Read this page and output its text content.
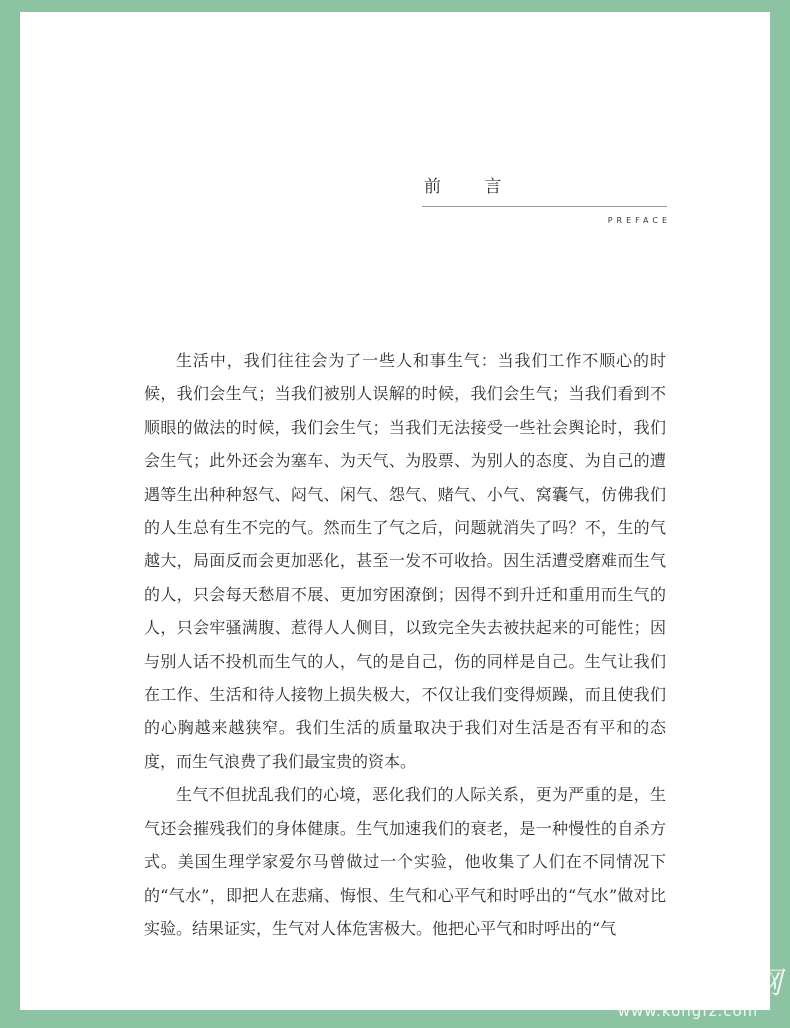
前 言
PREFACE

生活中，我们往往会为了一些人和事生气：当我们工作不顺心的时候，我们会生气；当我们被别人误解的时候，我们会生气；当我们看到不顺眼的做法的时候，我们会生气；当我们无法接受一些社会舆论时，我们会生气；此外还会为塞车、为天气、为股票、为别人的态度、为自己的遭遇等生出种种怒气、闷气、闲气、怨气、赌气、小气、窝囊气，仿佛我们的人生总有生不完的气。然而生了气之后，问题就消失了吗？不，生的气越大，局面反而会更加恶化，甚至一发不可收拾。因生活遭受磨难而生气的人，只会每天愁眉不展、更加穷困潦倒；因得不到升迁和重用而生气的人，只会牢骚满腹、惹得人人侧目，以致完全失去被扶起来的可能性；因与别人话不投机而生气的人，气的是自己，伤的同样是自己。生气让我们在工作、生活和待人接物上损失极大，不仅让我们变得烦躁，而且使我们的心胸越来越狭窄。我们生活的质量取决于我们对生活是否有平和的态度，而生气浪费了我们最宝贵的资本。

生气不但扰乱我们的心境，恶化我们的人际关系，更为严重的是，生气还会摧残我们的身体健康。生气加速我们的衰老，是一种慢性的自杀方式。美国生理学家爱尔马曾做过一个实验，他收集了人们在不同情况下的“气水”，即把人在悲痛、悔恨、生气和心平气和时呼出的“气水”做对比实验。结果证实，生气对人体危害极大。他把心平气和时呼出的“气

孔夫子旧书网
www.kongfz.com
